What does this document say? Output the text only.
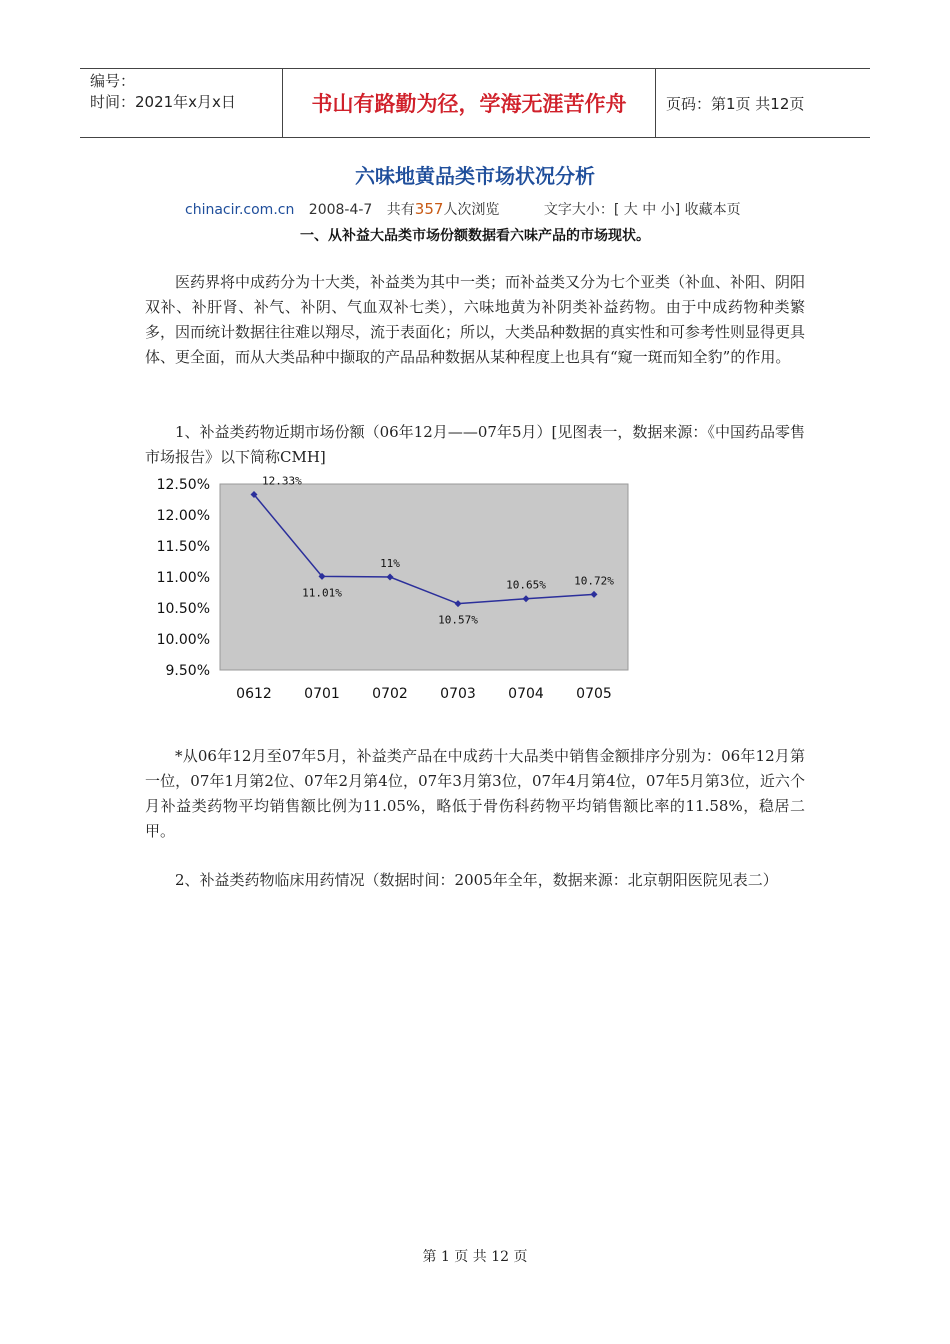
编号：
时间：2021年x月x日	书山有路勤为径，学海无涯苦作舟	页码：第1页 共12页
六味地黄品类市场状况分析
chinacir.com.cn 2008-4-7 共有357人次浏览	文字大小：[ 大 中 小] 收藏本页
一、从补益大品类市场份额数据看六味产品的市场现状。

医药界将中成药分为十大类，补益类为其中一类；而补益类又分为七个亚类（补血、补阳、阴阳双补、补肝肾、补气、补阴、气血双补七类），六味地黄为补阴类补益药物。由于中成药物种类繁多，因而统计数据往往难以翔尽，流于表面化；所以，大类品种数据的真实性和可参考性则显得更具体、更全面，而从大类品种中撷取的产品品种数据从某种程度上也具有“窥一斑而知全豹”的作用。

1、补益类药物近期市场份额（06年12月——07年5月）[见图表一，数据来源：《中国药品零售市场报告》以下简称CMH]

12.50%
12.00%
11.50%
11.00%
10.50%
10.00%
9.50%
0612 0701 0702 0703 0704 0705
12.33%
11.01%
11%
10.57%
10.65%	10.72%

*从06年12月至07年5月，补益类产品在中成药十大品类中销售金额排序分别为：06年12月第一位，07年1月第2位、07年2月第4位，07年3月第3位，07年4月第4位，07年5月第3位，近六个月补益类药物平均销售额比例为11.05%，略低于骨伤科药物平均销售额比率的11.58%，稳居二甲。

2、补益类药物临床用药情况（数据时间：2005年全年，数据来源：北京朝阳医院见表二）

第 1 页 共 12 页
